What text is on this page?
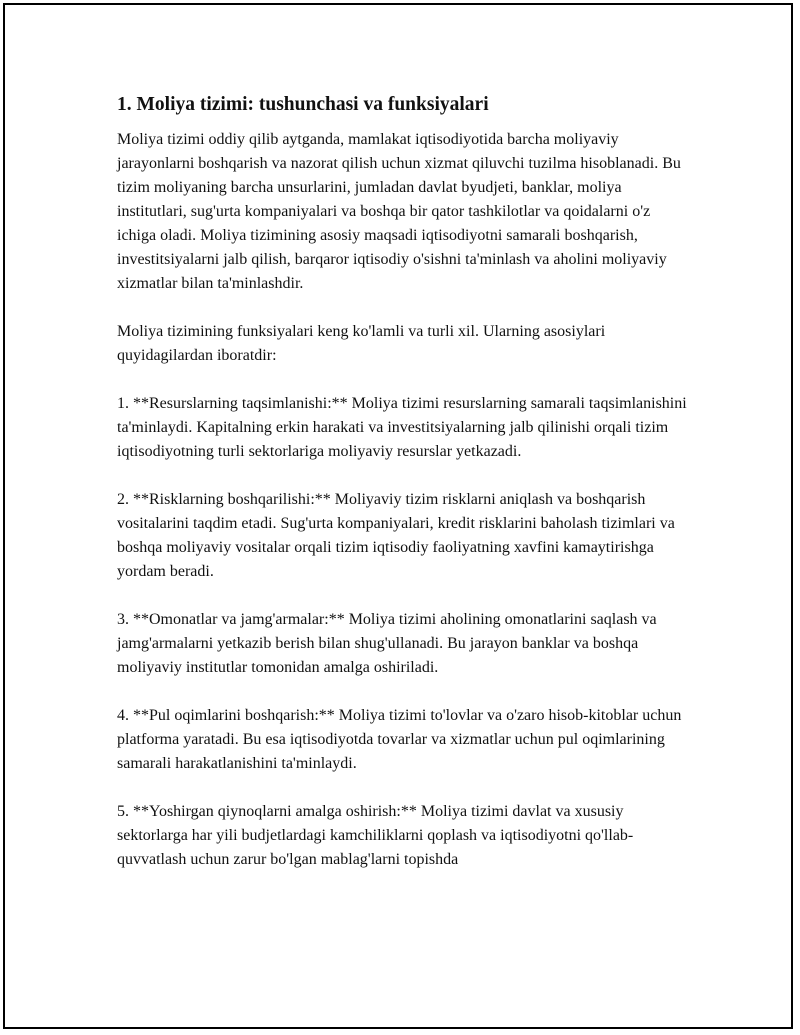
1. Moliya tizimi: tushunchasi va funksiyalari

Moliya tizimi oddiy qilib aytganda, mamlakat iqtisodiyotida barcha moliyaviy jarayonlarni boshqarish va nazorat qilish uchun xizmat qiluvchi tuzilma hisoblanadi. Bu tizim moliyaning barcha unsurlarini, jumladan davlat byudjeti, banklar, moliya institutlari, sug'urta kompaniyalari va boshqa bir qator tashkilotlar va qoidalarni o'z ichiga oladi. Moliya tizimining asosiy maqsadi iqtisodiyotni samarali boshqarish, investitsiyalarni jalb qilish, barqaror iqtisodiy o'sishni ta'minlash va aholini moliyaviy xizmatlar bilan ta'minlashdir.

Moliya tizimining funksiyalari keng ko'lamli va turli xil. Ularning asosiylari quyidagilardan iboratdir:

1. **Resurslarning taqsimlanishi:** Moliya tizimi resurslarning samarali taqsimlanishini ta'minlaydi. Kapitalning erkin harakati va investitsiyalarning jalb qilinishi orqali tizim iqtisodiyotning turli sektorlariga moliyaviy resurslar yetkazadi.

2. **Risklarning boshqarilishi:** Moliyaviy tizim risklarni aniqlash va boshqarish vositalarini taqdim etadi. Sug'urta kompaniyalari, kredit risklarini baholash tizimlari va boshqa moliyaviy vositalar orqali tizim iqtisodiy faoliyatning xavfini kamaytirishga yordam beradi.

3. **Omonatlar va jamg'armalar:** Moliya tizimi aholining omonatlarini saqlash va jamg'armalarni yetkazib berish bilan shug'ullanadi. Bu jarayon banklar va boshqa moliyaviy institutlar tomonidan amalga oshiriladi.

4. **Pul oqimlarini boshqarish:** Moliya tizimi to'lovlar va o'zaro hisob-kitoblar uchun platforma yaratadi. Bu esa iqtisodiyotda tovarlar va xizmatlar uchun pul oqimlarining samarali harakatlanishini ta'minlaydi.

5. **Yoshirgan qiynoqlarni amalga oshirish:** Moliya tizimi davlat va xususiy sektorlarga har yili budjetlardagi kamchiliklarni qoplash va iqtisodiyotni qo'llab-quvvatlash uchun zarur bo'lgan mablag'larni topishda
